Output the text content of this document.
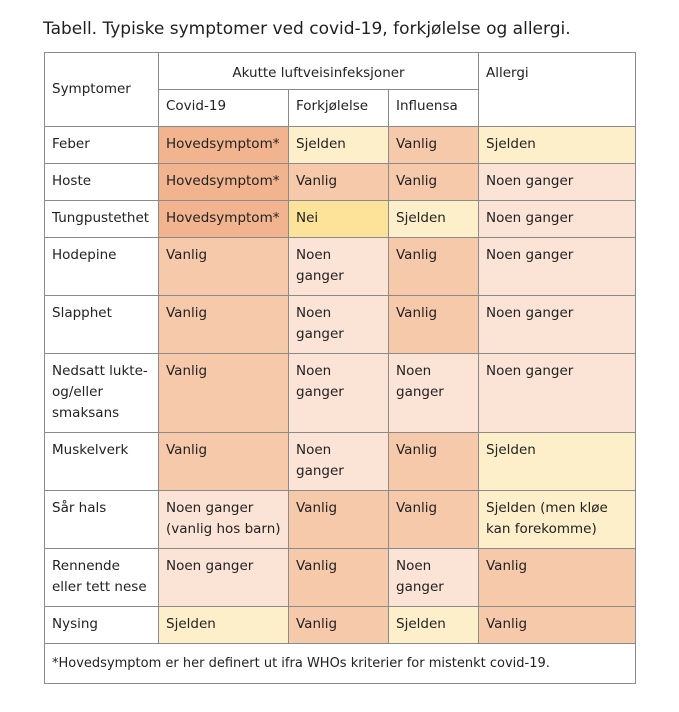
Tabell. Typiske symptomer ved covid-19, forkjølelse og allergi.
Symptomer	Akutte luftveisinfeksjoner			Allergi
	Covid-19	Forkjølelse	Influensa	
Feber	Hovedsymptom*	Sjelden	Vanlig	Sjelden
Hoste	Hovedsymptom*	Vanlig	Vanlig	Noen ganger
Tungpustethet	Hovedsymptom*	Nei	Sjelden	Noen ganger
Hodepine	Vanlig	Noen ganger	Vanlig	Noen ganger
Slapphet	Vanlig	Noen ganger	Vanlig	Noen ganger
Nedsatt lukte- og/eller smaksans	Vanlig	Noen ganger	Noen ganger	Noen ganger
Muskelverk	Vanlig	Noen ganger	Vanlig	Sjelden
Sår hals	Noen ganger (vanlig hos barn)	Vanlig	Vanlig	Sjelden (men kløe kan forekomme)
Rennende eller tett nese	Noen ganger	Vanlig	Noen ganger	Vanlig
Nysing	Sjelden	Vanlig	Sjelden	Vanlig
*Hovedsymptom er her definert ut ifra WHOs kriterier for mistenkt covid-19.				
